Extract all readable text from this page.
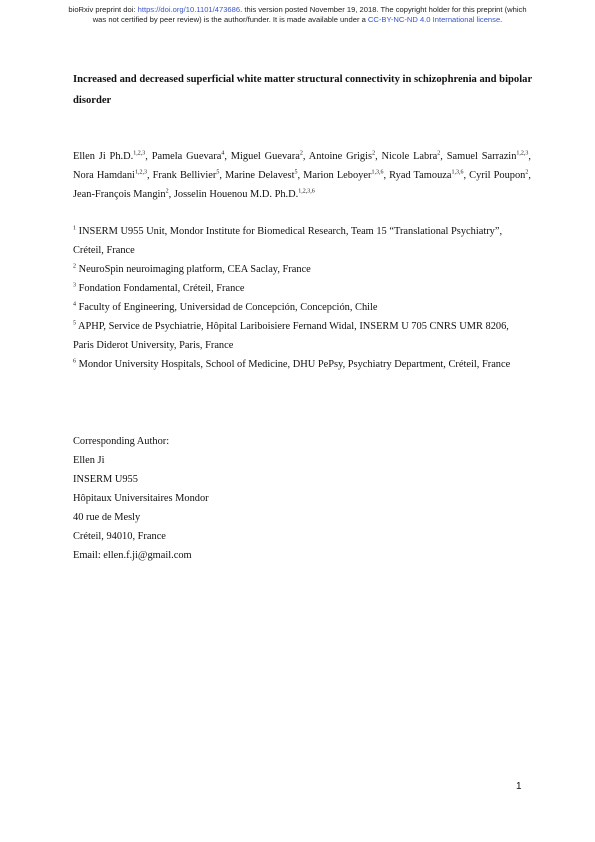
bioRxiv preprint doi: https://doi.org/10.1101/473686. this version posted November 19, 2018. The copyright holder for this preprint (which
was not certified by peer review) is the author/funder. It is made available under a CC-BY-NC-ND 4.0 International license.
Increased and decreased superficial white matter structural connectivity in schizophrenia and bipolar disorder
Ellen Ji Ph.D.$^{1,2,3}$, Pamela Guevara$^4$, Miguel Guevara$^2$, Antoine Grigis$^2$, Nicole Labra$^2$, Samuel Sarrazin$^{1,2,3}$, Nora Hamdani$^{1,2,3}$, Frank Bellivier$^5$, Marine Delavest$^5$, Marion Leboyer$^{1,3,6}$, Ryad Tamouza$^{1,3,6}$, Cyril Poupon$^2$, Jean-François Mangin$^2$, Josselin Houenou M.D. Ph.D.$^{1,2,3,6}$
$^1$ INSERM U955 Unit, Mondor Institute for Biomedical Research, Team 15 “Translational Psychiatry”, Créteil, France
$^2$ NeuroSpin neuroimaging platform, CEA Saclay, France
$^3$ Fondation Fondamental, Créteil, France
$^4$ Faculty of Engineering, Universidad de Concepción, Concepción, Chile
$^5$ APHP, Service de Psychiatrie, Hôpital Lariboisiere Fernand Widal, INSERM U 705 CNRS UMR 8206, Paris Diderot University, Paris, France
$^6$ Mondor University Hospitals, School of Medicine, DHU PePsy, Psychiatry Department, Créteil, France
Corresponding Author:
Ellen Ji
INSERM U955
Hôpitaux Universitaires Mondor
40 rue de Mesly
Créteil, 94010, France
Email: ellen.f.ji@gmail.com
1
